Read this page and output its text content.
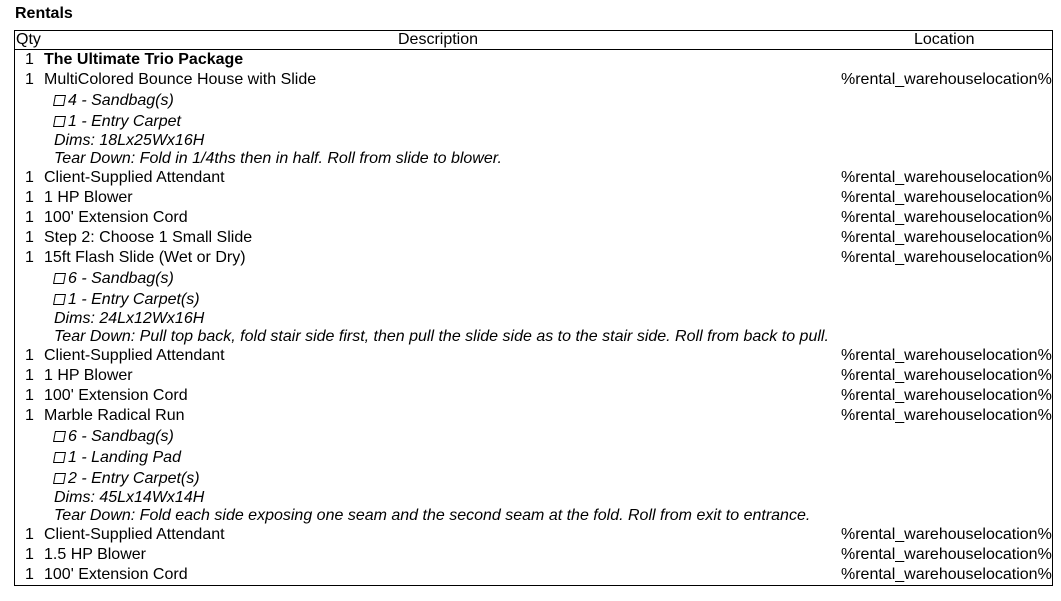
Rentals
Qty	Description	Location
1 The Ultimate Trio Package
1 MultiColored Bounce House with Slide	%rental_warehouselocation%
4 - Sandbag(s)
1 - Entry Carpet
Dims: 18Lx25Wx16H
Tear Down: Fold in 1/4ths then in half. Roll from slide to blower.
1 Client-Supplied Attendant	%rental_warehouselocation%
1 1 HP Blower	%rental_warehouselocation%
1 100' Extension Cord	%rental_warehouselocation%
1 Step 2: Choose 1 Small Slide	%rental_warehouselocation%
1 15ft Flash Slide (Wet or Dry)	%rental_warehouselocation%
6 - Sandbag(s)
1 - Entry Carpet(s)
Dims: 24Lx12Wx16H
Tear Down: Pull top back, fold stair side first, then pull the slide side as to the stair side. Roll from back to pull.
1 Client-Supplied Attendant	%rental_warehouselocation%
1 1 HP Blower	%rental_warehouselocation%
1 100' Extension Cord	%rental_warehouselocation%
1 Marble Radical Run	%rental_warehouselocation%
6 - Sandbag(s)
1 - Landing Pad
2 - Entry Carpet(s)
Dims: 45Lx14Wx14H
Tear Down: Fold each side exposing one seam and the second seam at the fold. Roll from exit to entrance.
1 Client-Supplied Attendant	%rental_warehouselocation%
1 1.5 HP Blower	%rental_warehouselocation%
1 100' Extension Cord	%rental_warehouselocation%
